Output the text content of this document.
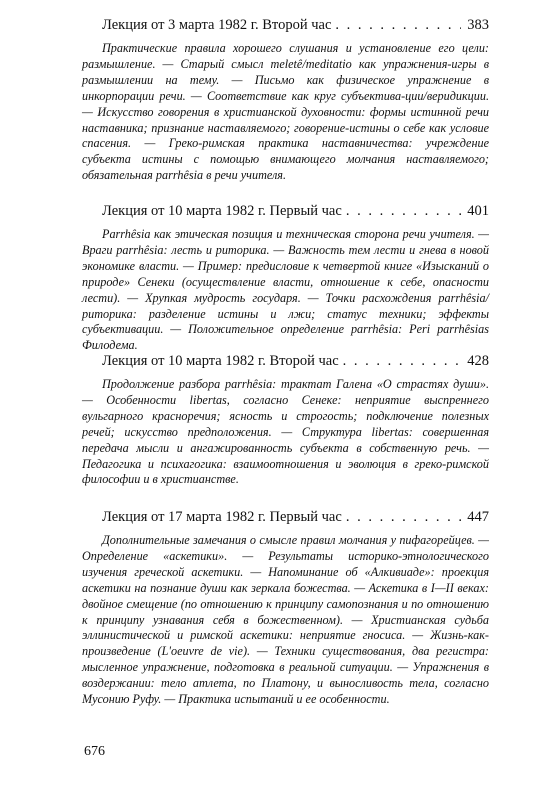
Лекция от 3 марта 1982 г. Второй час . . .	383

Практические правила хорошего слушания и установление его цели: размышление. — Старый смысл meletê/meditatio как упражнения-игры в размышлении на тему. — Письмо как физическое упражнение в инкорпорации речи. — Соответствие как круг субъектива-ции/веридикции. — Искусство говорения в христианской духовности: формы истинной речи наставника; признание наставляемого; говорение-истины о себе как условие спасения. — Греко-римская практика наставничества: учреждение субъекта истины с помощью внимающего молчания наставляемого; обязательная parrhêsia в речи учителя.

Лекция от 10 марта 1982 г. Первый час . . .	401

Parrhêsia как этическая позиция и техническая сторона речи учителя. — Враги parrhêsia: лесть и риторика. — Важность тем лести и гнева в новой экономике власти. — Пример: предисловие к четвертой книге «Изысканий о природе» Сенеки (осуществление власти, отношение к себе, опасности лести). — Хрупкая мудрость государя. — Точки расхождения parrhêsia/риторика: разделение истины и лжи; статус техники; эффекты субъективации. — Положительное определение parrhêsia: Peri parrhêsias Филодема.

Лекция от 10 марта 1982 г. Второй час . . .	428

Продолжение разбора parrhêsia: трактат Галена «О страстях души». — Особенности libertas, согласно Сенеке: неприятие выспреннего вульгарного красноречия; ясность и строгость; подключение полезных речей; искусство предположения. — Структура libertas: совершенная передача мысли и ангажированность субъекта в собственную речь. — Педагогика и психагогика: взаимоотношения и эволюция в греко-римской философии и в христианстве.

Лекция от 17 марта 1982 г. Первый час . . .	447

Дополнительные замечания о смысле правил молчания у пифагорейцев. — Определение «аскетики». — Результаты историко-этнологического изучения греческой аскетики. — Напоминание об «Алкивиаде»: проекция аскетики на познание души как зеркала божества. — Аскетика в I—II веках: двойное смещение (по отношению к принципу самопознания и по отношению к принципу узнавания себя в божественном). — Христианская судьба эллинистической и римской аскетики: неприятие гносиса. — Жизнь-как-произведение (L'oeuvre de vie). — Техники существования, два регистра: мысленное упражнение, подготовка в реальной ситуации. — Упражнения в воздержании: тело атлета, по Платону, и выносливость тела, согласно Мусонию Руфу. — Практика испытаний и ее особенности.

676
